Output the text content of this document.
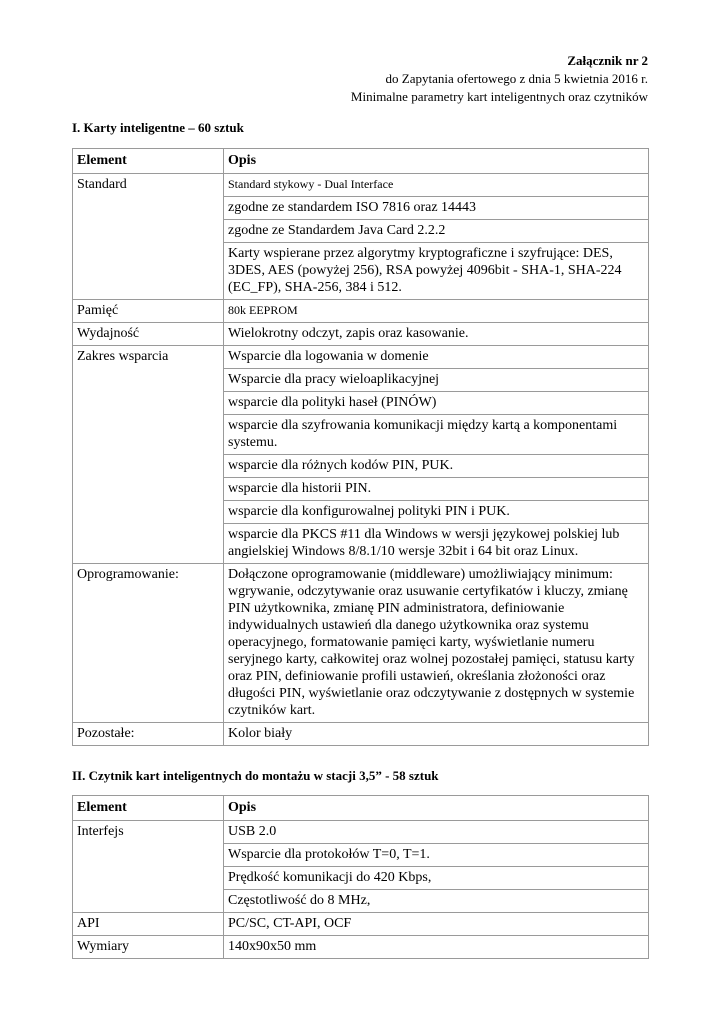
Załącznik nr 2
do Zapytania ofertowego z dnia 5 kwietnia 2016 r.
Minimalne parametry kart inteligentnych oraz czytników
I. Karty inteligentne – 60 sztuk
Element	Opis
Standard	Standard stykowy - Dual Interface
	zgodne ze standardem ISO 7816 oraz 14443
	zgodne ze Standardem Java Card 2.2.2
	Karty wspierane przez algorytmy kryptograficzne i szyfrujące: DES, 3DES, AES (powyżej 256), RSA powyżej 4096bit - SHA-1, SHA-224 (EC_FP), SHA-256, 384 i 512.
Pamięć	80k EEPROM
Wydajność	Wielokrotny odczyt, zapis oraz kasowanie.
Zakres wsparcia	Wsparcie dla logowania w domenie
	Wsparcie dla pracy wieloaplikacyjnej
	wsparcie dla polityki haseł (PINÓW)
	wsparcie dla szyfrowania komunikacji między kartą a komponentami systemu.
	wsparcie dla różnych kodów PIN, PUK.
	wsparcie dla historii PIN.
	wsparcie dla konfigurowalnej polityki PIN i PUK.
	wsparcie dla PKCS #11 dla Windows w wersji językowej polskiej lub angielskiej Windows 8/8.1/10 wersje 32bit i 64 bit oraz Linux.
Oprogramowanie:	Dołączone oprogramowanie (middleware) umożliwiający minimum: wgrywanie, odczytywanie oraz usuwanie certyfikatów i kluczy, zmianę PIN użytkownika, zmianę PIN administratora, definiowanie indywidualnych ustawień dla danego użytkownika oraz systemu operacyjnego, formatowanie pamięci karty, wyświetlanie numeru seryjnego karty, całkowitej oraz wolnej pozostałej pamięci, statusu karty oraz PIN, definiowanie profili ustawień, określania złożoności oraz długości PIN, wyświetlanie oraz odczytywanie z dostępnych w systemie czytników kart.
Pozostałe:	Kolor biały
II. Czytnik kart inteligentnych do montażu w stacji 3,5” - 58 sztuk
Element	Opis
Interfejs	USB 2.0
	Wsparcie dla protokołów T=0, T=1.
	Prędkość komunikacji do 420 Kbps,
	Częstotliwość do 8 MHz,
API	PC/SC, CT-API, OCF
Wymiary	140x90x50 mm
